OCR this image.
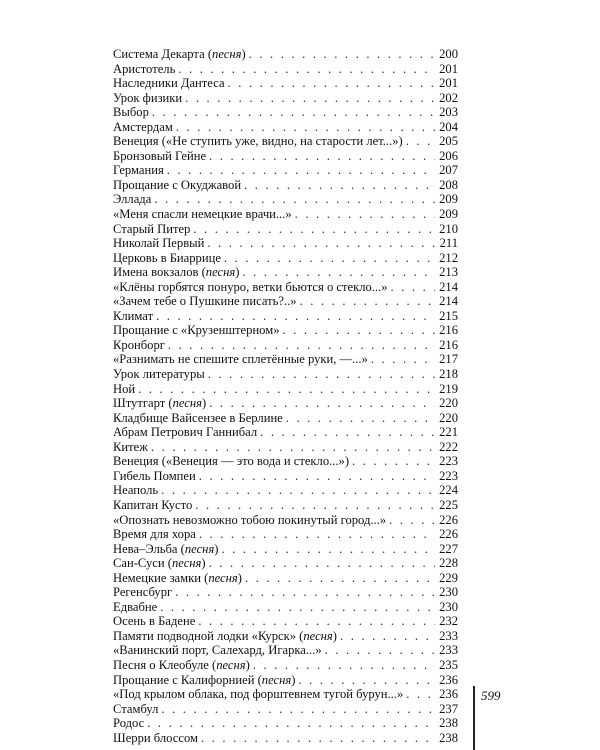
Система Декарта (песня) . . .	200
Аристотель . . .	201
Наследники Дантеса . . .	201
Урок физики . . .	202
Выбор . . .	203
Амстердам . . .	204
Венеция («Не ступить уже, видно, на старости лет...») . . .	205
Бронзовый Гейне . . .	206
Германия . . .	207
Прощание с Окуджавой . . .	208
Эллада . . .	209
«Меня спасли немецкие врачи...» . . .	209
Старый Питер . . .	210
Николай Первый . . .	211
Церковь в Биаррице . . .	212
Имена вокзалов (песня) . . .	213
«Клёны горбятся понуро, ветки бьются о стекло...» . . .	214
«Зачем тебе о Пушкине писать?..» . . .	214
Климат . . .	215
Прощание с «Крузенштерном» . . .	216
Кронборг . . .	216
«Разнимать не спешите сплетённые руки, —...» . . .	217
Урок литературы . . .	218
Ной . . .	219
Штутгарт (песня) . . .	220
Кладбище Вайсензее в Берлине . . .	220
Абрам Петрович Ганнибал . . .	221
Китеж . . .	222
Венеция («Венеция — это вода и стекло...») . . .	223
Гибель Помпеи . . .	223
Неаполь . . .	224
Капитан Кусто . . .	225
«Опознать невозможно тобою покинутый город...» . . .	226
Время для хора . . .	226
Нева–Эльба (песня) . . .	227
Сан-Суси (песня) . . .	228
Немецкие замки (песня) . . .	229
Регенсбург . . .	230
Едвабне . . .	230
Осень в Бадене . . .	232
Памяти подводной лодки «Курск» (песня) . . .	233
«Ванинский порт, Салехард, Игарка...» . . .	233
Песня о Клеобуле (песня) . . .	235
Прощание с Калифорнией (песня) . . .	236
«Под крылом облака, под форштевнем тугой бурун...» . . .	236
Стамбул . . .	237
Родос . . .	238
Шерри блоссом . . .	238
599
